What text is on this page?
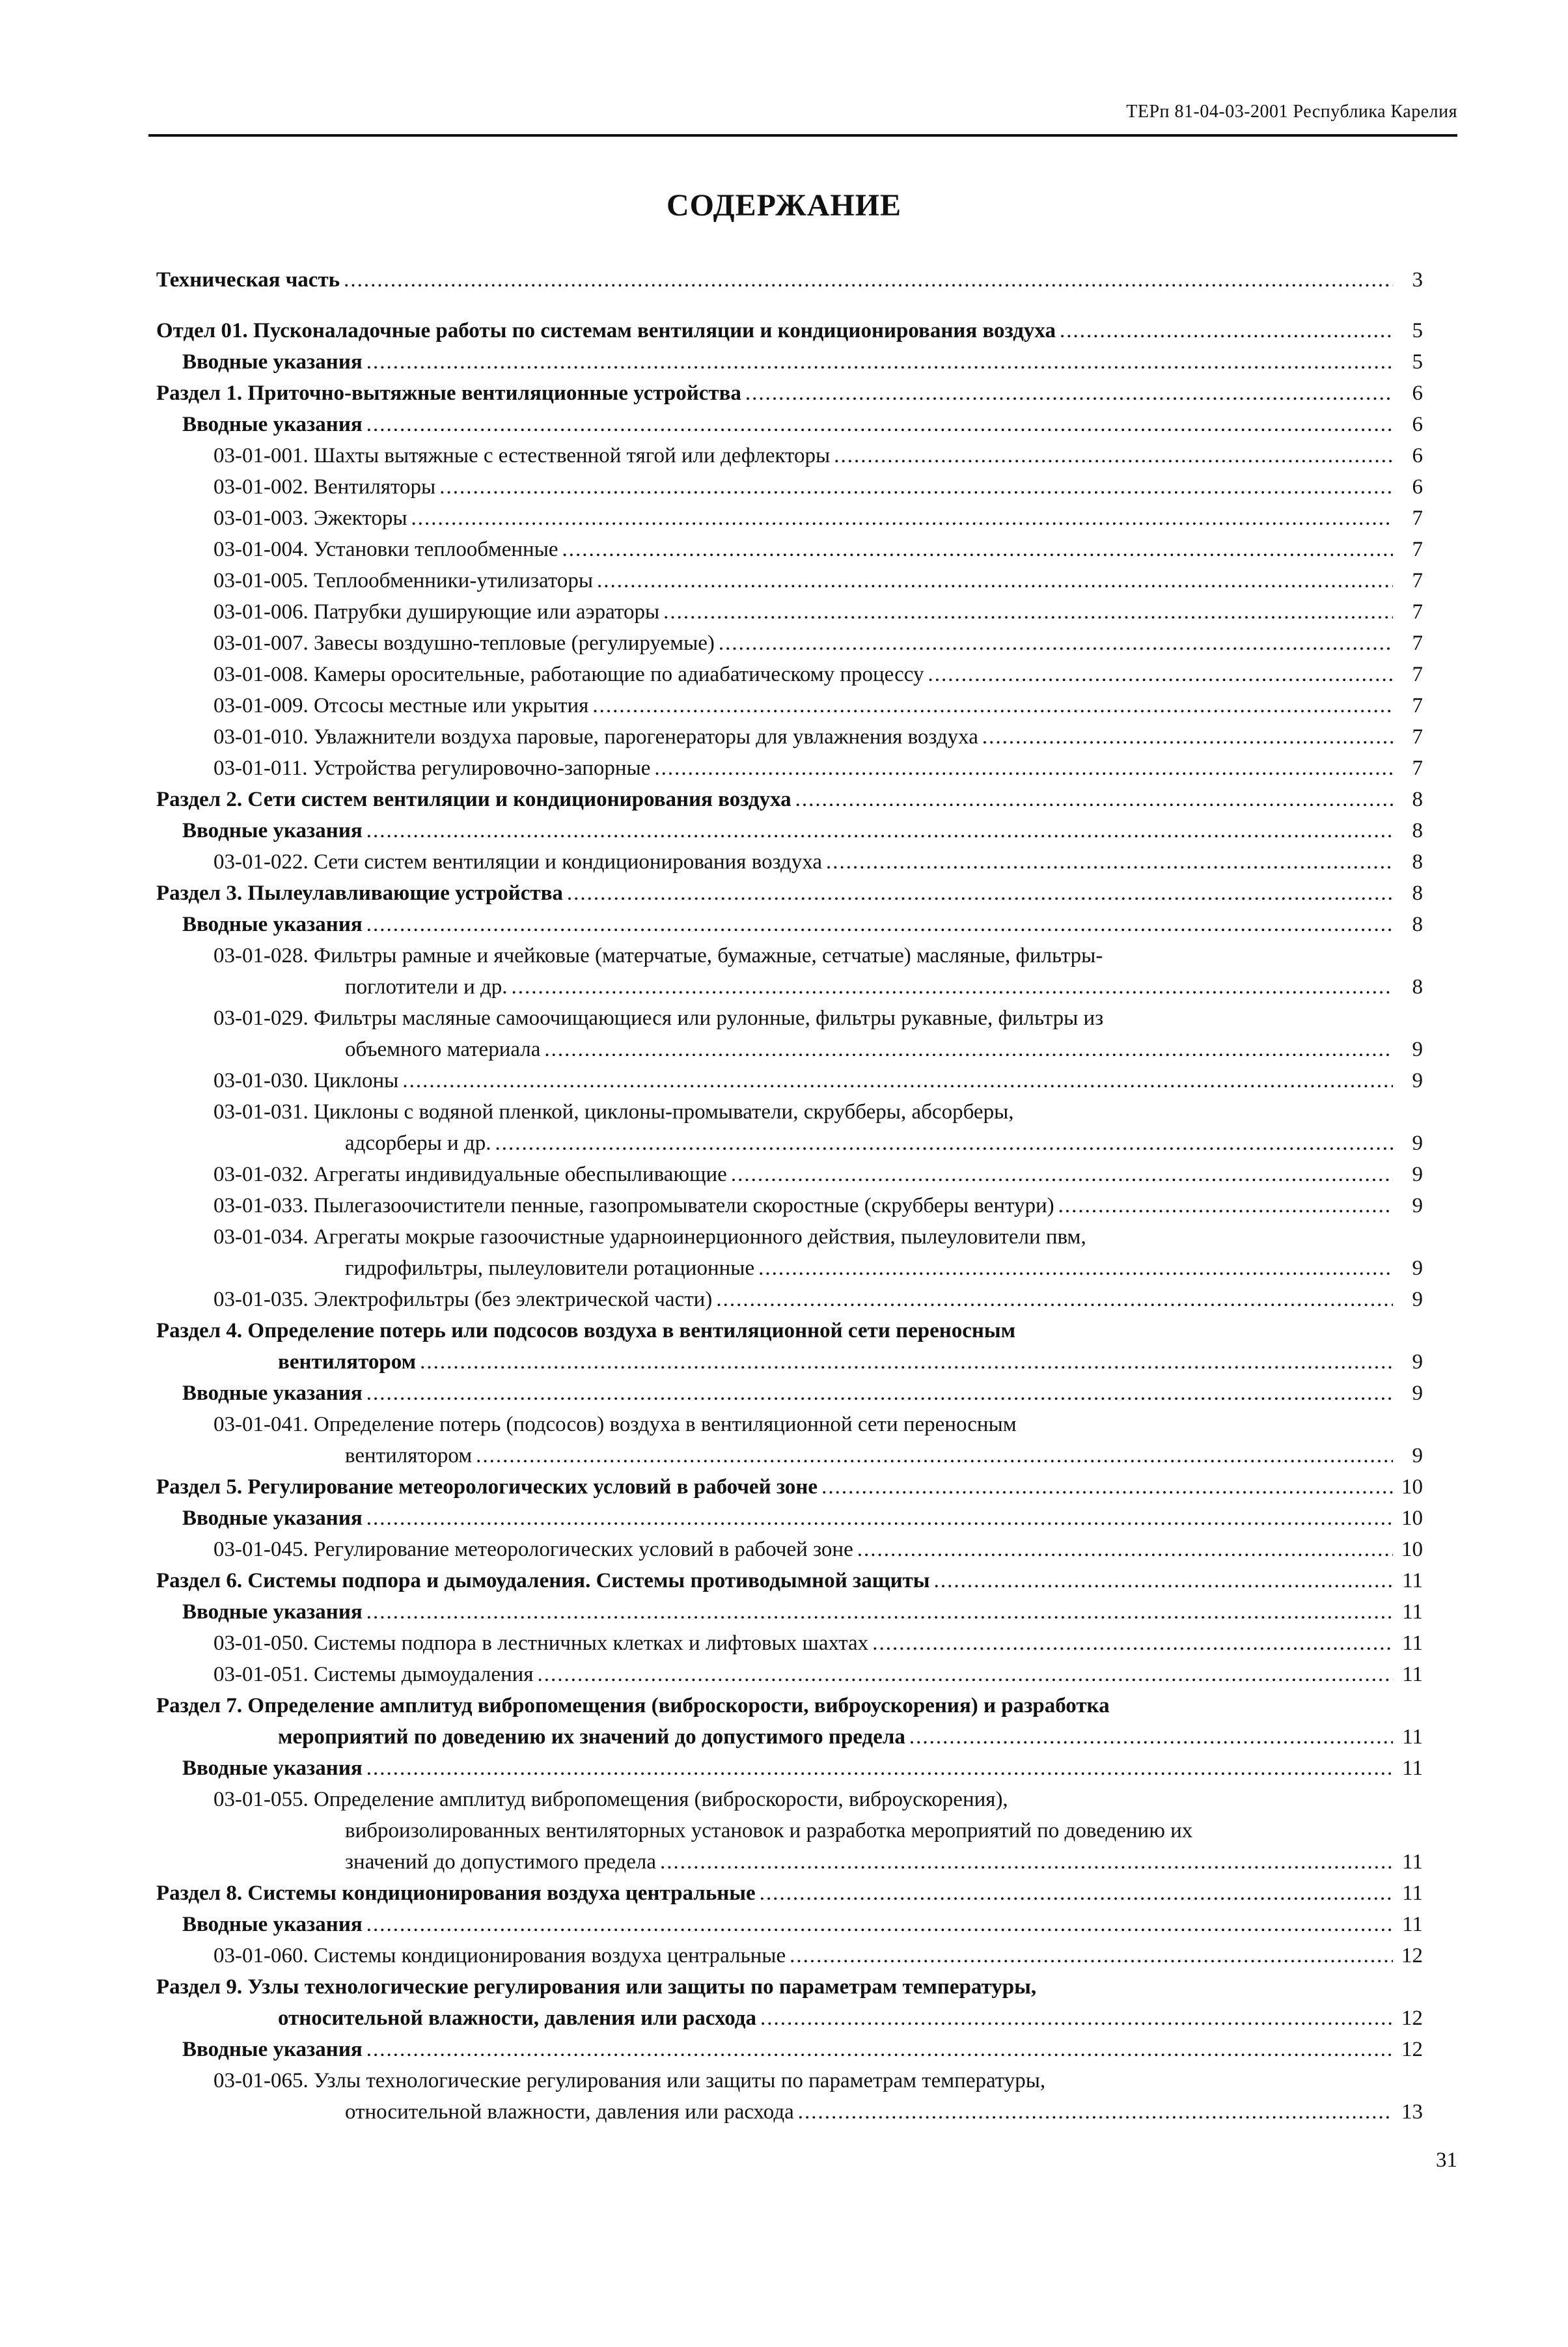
ТЕРп 81-04-03-2001 Республика Карелия
СОДЕРЖАНИЕ
Техническая часть .....	3
Отдел 01. Пусконаладочные работы по системам вентиляции и кондиционирования воздуха .....	5
Вводные указания .....	5
Раздел 1. Приточно-вытяжные вентиляционные устройства .....	6
Вводные указания .....	6
03-01-001. Шахты вытяжные с естественной тягой или дефлекторы .....	6
03-01-002. Вентиляторы .....	6
03-01-003. Эжекторы .....	7
03-01-004. Установки теплообменные .....	7
03-01-005. Теплообменники-утилизаторы .....	7
03-01-006. Патрубки душирующие или аэраторы .....	7
03-01-007. Завесы воздушно-тепловые (регулируемые) .....	7
03-01-008. Камеры оросительные, работающие по адиабатическому процессу .....	7
03-01-009. Отсосы местные или укрытия .....	7
03-01-010. Увлажнители воздуха паровые, парогенераторы для увлажнения воздуха .....	7
03-01-011. Устройства регулировочно-запорные .....	7
Раздел 2. Сети систем вентиляции и кондиционирования воздуха .....	8
Вводные указания .....	8
03-01-022. Сети систем вентиляции и кондиционирования воздуха .....	8
Раздел 3. Пылеулавливающие устройства .....	8
Вводные указания .....	8
03-01-028. Фильтры рамные и ячейковые (матерчатые, бумажные, сетчатые) масляные, фильтры-
поглотители и др. .....	8
03-01-029. Фильтры масляные самоочищающиеся или рулонные, фильтры рукавные, фильтры из
объемного материала .....	9
03-01-030. Циклоны .....	9
03-01-031. Циклоны с водяной пленкой, циклоны-промыватели, скрубберы, абсорберы,
адсорберы и др. .....	9
03-01-032. Агрегаты индивидуальные обеспыливающие .....	9
03-01-033. Пылегазоочистители пенные, газопромыватели скоростные (скрубберы вентури) .....	9
03-01-034. Агрегаты мокрые газоочистные ударноинерционного действия, пылеуловители пвм,
гидрофильтры, пылеуловители ротационные .....	9
03-01-035. Электрофильтры (без электрической части) .....	9
Раздел 4. Определение потерь или подсосов воздуха в вентиляционной сети переносным
вентилятором .....	9
Вводные указания .....	9
03-01-041. Определение потерь (подсосов) воздуха в вентиляционной сети переносным
вентилятором .....	9
Раздел 5. Регулирование метеорологических условий в рабочей зоне .....	10
Вводные указания .....	10
03-01-045. Регулирование метеорологических условий в рабочей зоне .....	10
Раздел 6. Системы подпора и дымоудаления. Системы противодымной защиты .....	11
Вводные указания .....	11
03-01-050. Системы подпора в лестничных клетках и лифтовых шахтах .....	11
03-01-051. Системы дымоудаления .....	11
Раздел 7. Определение амплитуд вибропомещения (виброскорости, виброускорения) и разработка
мероприятий по доведению их значений до допустимого предела .....	11
Вводные указания .....	11
03-01-055. Определение амплитуд вибропомещения (виброскорости, виброускорения),
виброизолированных вентиляторных установок и разработка мероприятий по доведению их
значений до допустимого предела .....	11
Раздел 8. Системы кондиционирования воздуха центральные .....	11
Вводные указания .....	11
03-01-060. Системы кондиционирования воздуха центральные .....	12
Раздел 9. Узлы технологические регулирования или защиты по параметрам температуры,
относительной влажности, давления или расхода .....	12
Вводные указания .....	12
03-01-065. Узлы технологические регулирования или защиты по параметрам температуры,
относительной влажности, давления или расхода .....	13
31
